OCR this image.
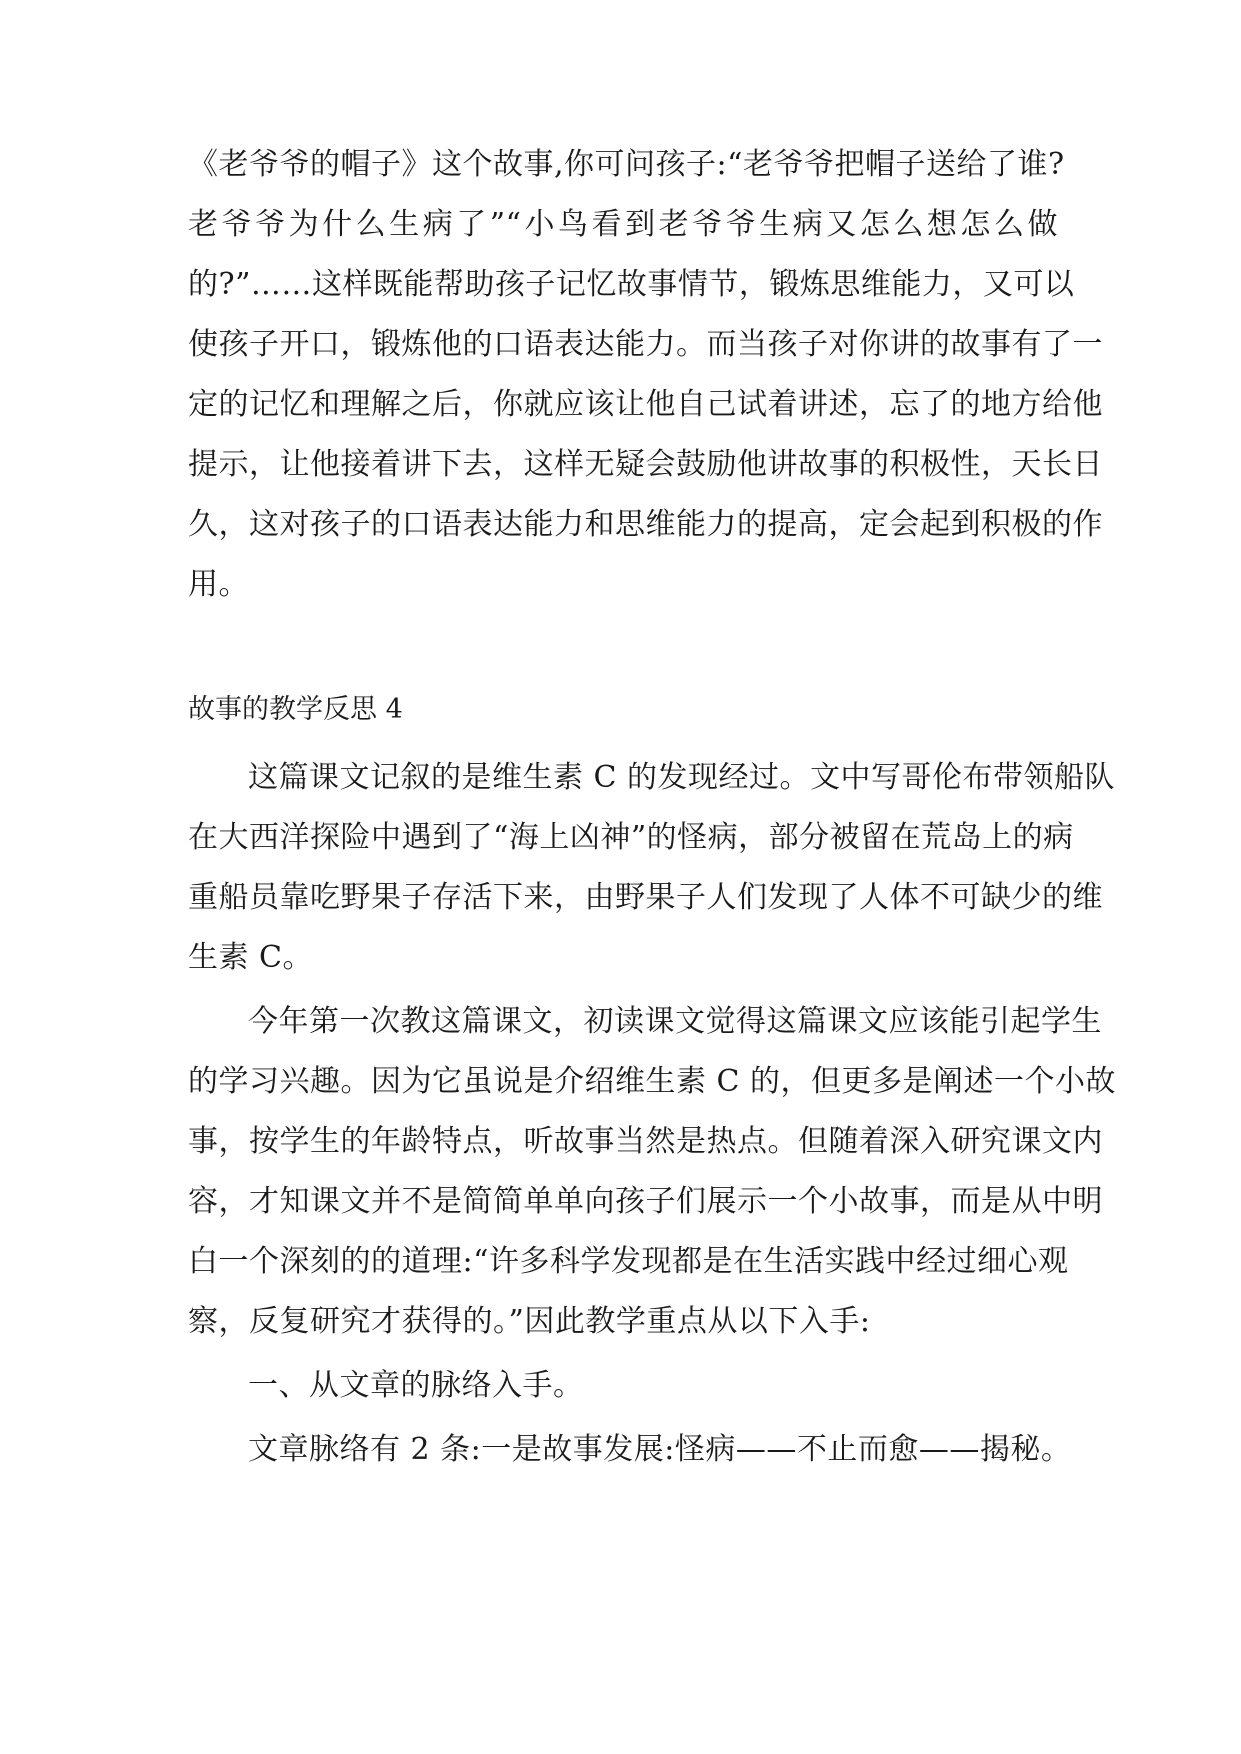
《老爷爷的帽子》这个故事,你可问孩子:“老爷爷把帽子送给了谁?
老爷爷为什么生病了”“小鸟看到老爷爷生病又怎么想怎么做
的?”……这样既能帮助孩子记忆故事情节，锻炼思维能力，又可以
使孩子开口，锻炼他的口语表达能力。而当孩子对你讲的故事有了一
定的记忆和理解之后，你就应该让他自己试着讲述，忘了的地方给他
提示，让他接着讲下去，这样无疑会鼓励他讲故事的积极性，天长日
久，这对孩子的口语表达能力和思维能力的提高，定会起到积极的作
用。
故事的教学反思 4
这篇课文记叙的是维生素 C 的发现经过。文中写哥伦布带领船队
在大西洋探险中遇到了“海上凶神”的怪病，部分被留在荒岛上的病
重船员靠吃野果子存活下来，由野果子人们发现了人体不可缺少的维
生素 C。
今年第一次教这篇课文，初读课文觉得这篇课文应该能引起学生
的学习兴趣。因为它虽说是介绍维生素 C 的，但更多是阐述一个小故
事，按学生的年龄特点，听故事当然是热点。但随着深入研究课文内
容，才知课文并不是简简单单向孩子们展示一个小故事，而是从中明
白一个深刻的的道理:“许多科学发现都是在生活实践中经过细心观
察，反复研究才获得的。”因此教学重点从以下入手:
一、从文章的脉络入手。
文章脉络有 2 条:一是故事发展:怪病——不止而愈——揭秘。
